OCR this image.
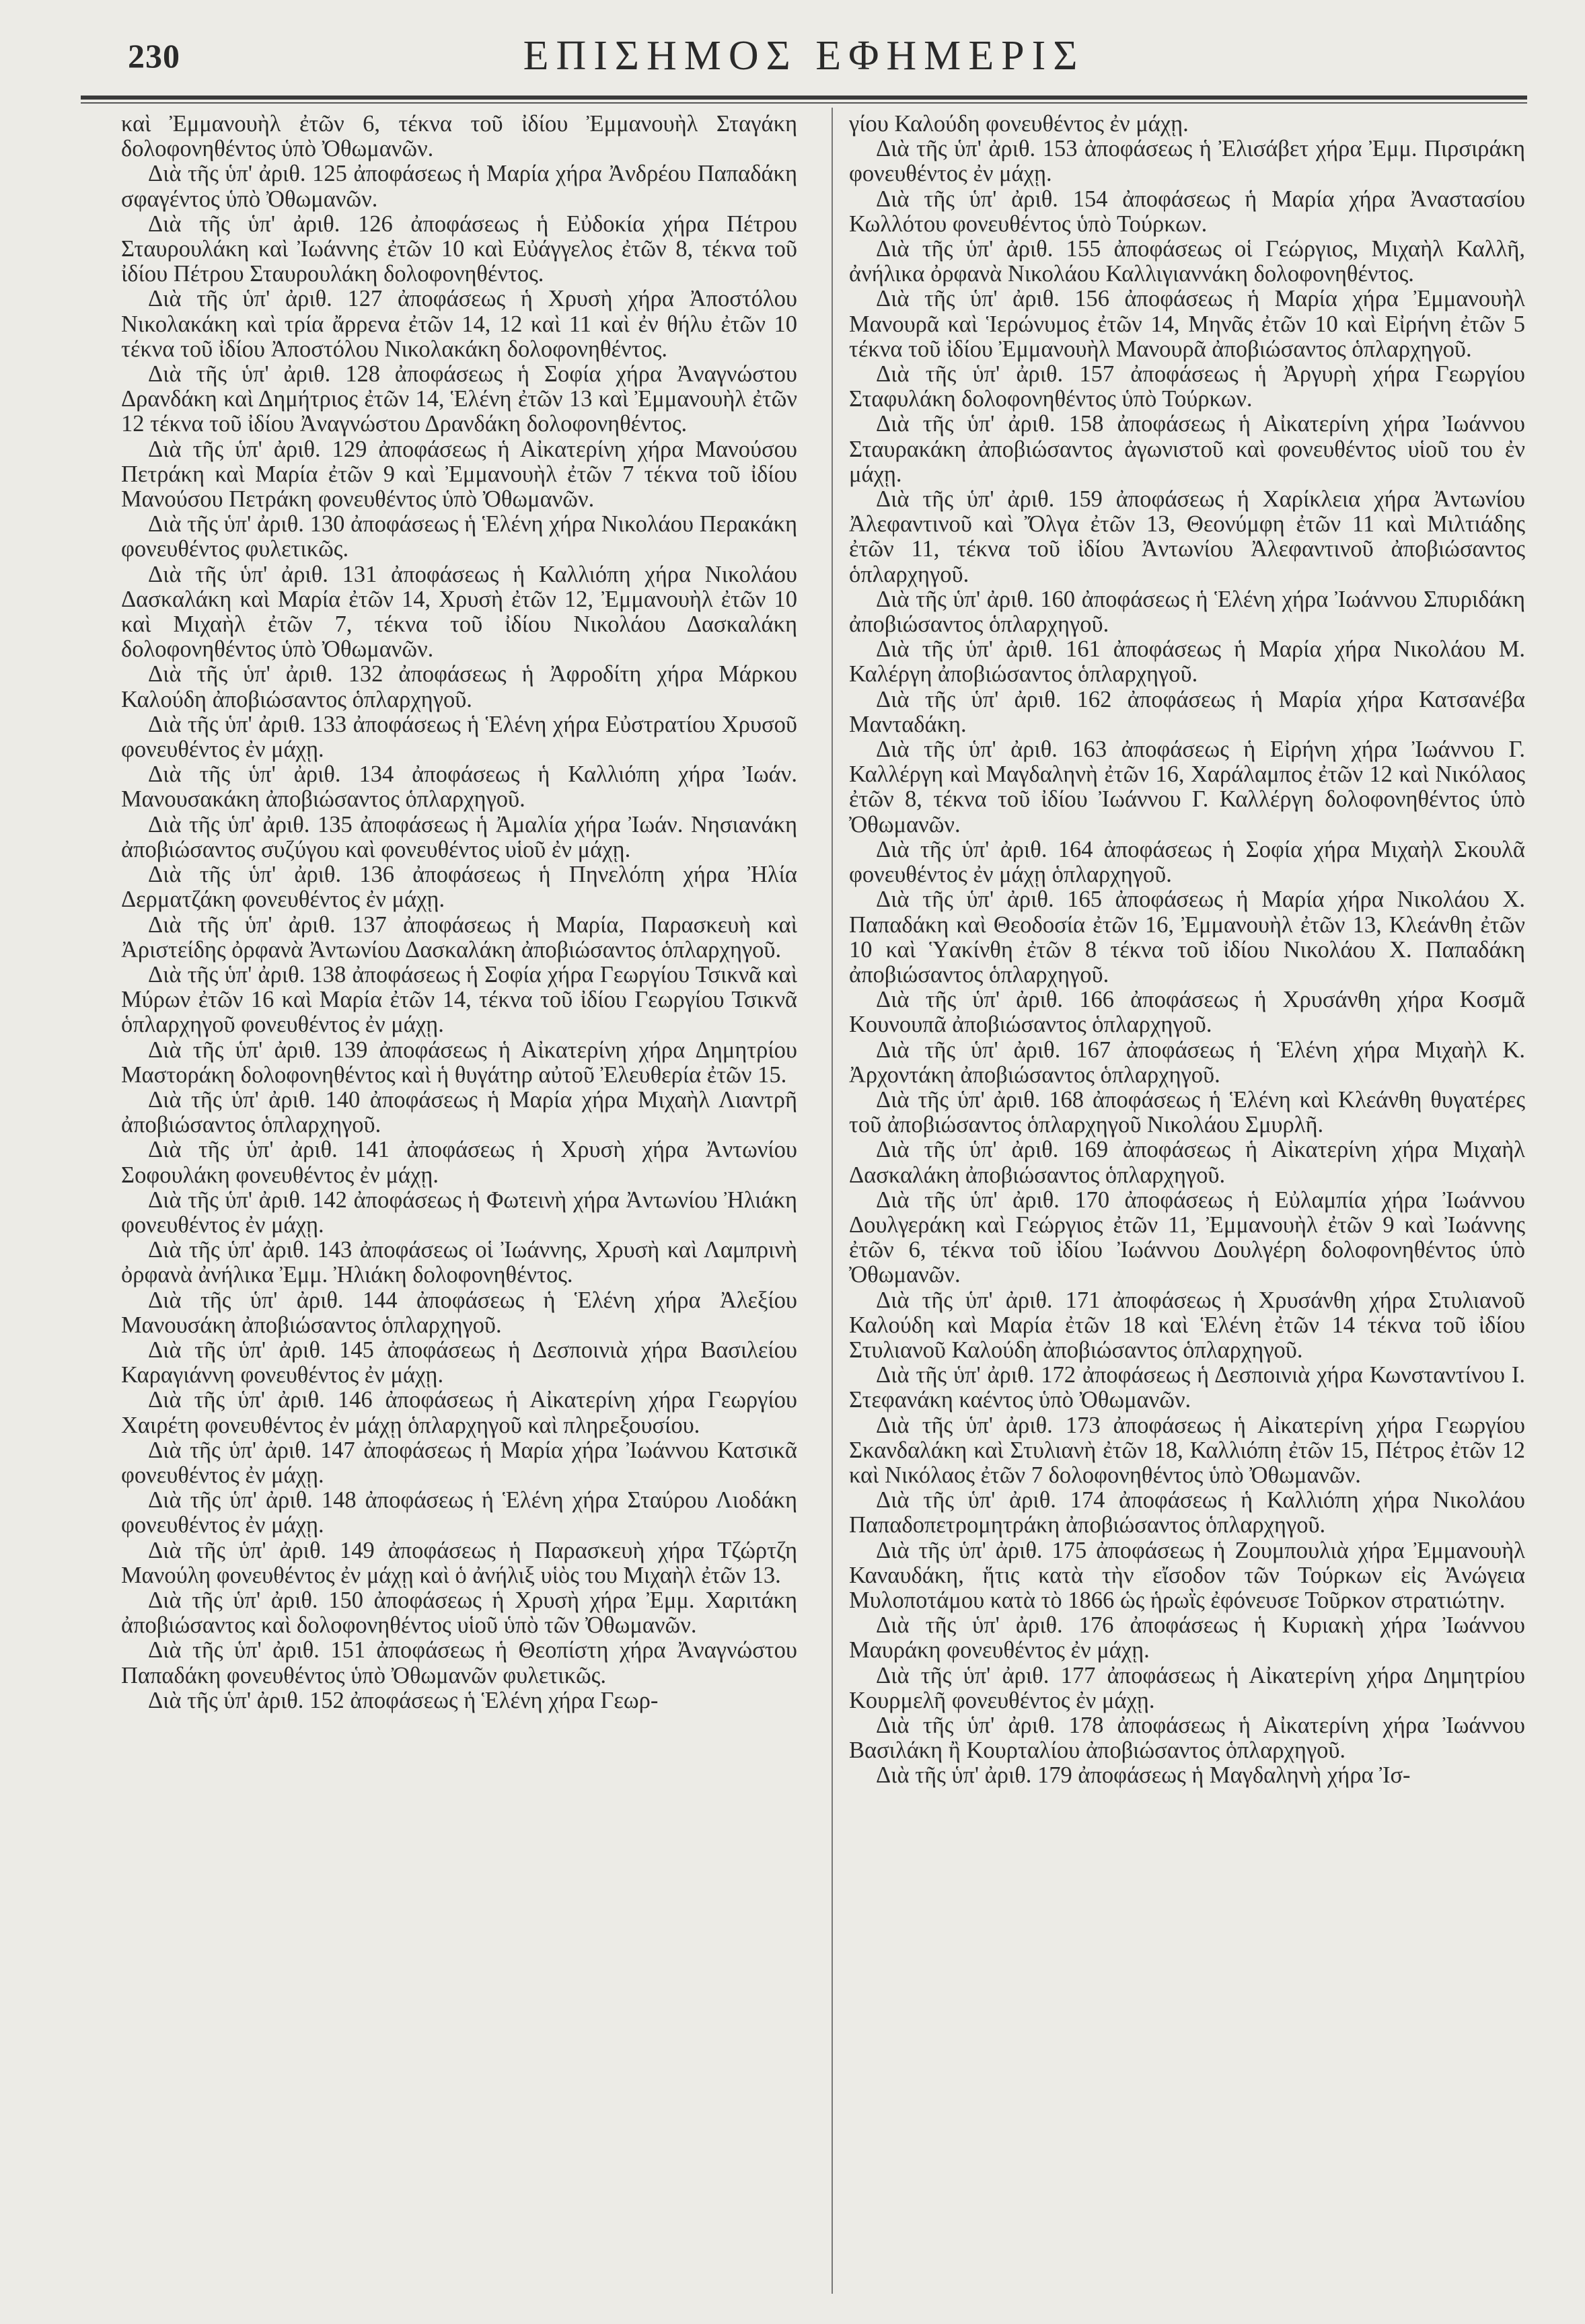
230	ΕΠΙΣΗΜΟΣ ΕΦΗΜΕΡΙΣ

καὶ Ἐμμανουὴλ ἐτῶν 6, τέκνα τοῦ ἰδίου Ἐμμανουὴλ Σταγάκη δολοφονηθέντος ὑπὸ Ὀθωμανῶν.

Διὰ τῆς ὑπ' ἀριθ. 125 ἀποφάσεως ἡ Μαρία χήρα Ἀνδρέου Παπαδάκη σφαγέντος ὑπὸ Ὀθωμανῶν.

Διὰ τῆς ὑπ' ἀριθ. 126 ἀποφάσεως ἡ Εὐδοκία χήρα Πέτρου Σταυρουλάκη καὶ Ἰωάννης ἐτῶν 10 καὶ Εὐάγγελος ἐτῶν 8, τέκνα τοῦ ἰδίου Πέτρου Σταυρουλάκη δολοφονηθέντος.

Διὰ τῆς ὑπ' ἀριθ. 127 ἀποφάσεως ἡ Χρυσὴ χήρα Ἀποστόλου Νικολακάκη καὶ τρία ἄρρενα ἐτῶν 14, 12 καὶ 11 καὶ ἐν θήλυ ἐτῶν 10 τέκνα τοῦ ἰδίου Ἀποστόλου Νικολακάκη δολοφονηθέντος.

Διὰ τῆς ὑπ' ἀριθ. 128 ἀποφάσεως ἡ Σοφία χήρα Ἀναγνώστου Δρανδάκη καὶ Δημήτριος ἐτῶν 14, Ἑλένη ἐτῶν 13 καὶ Ἐμμανουὴλ ἐτῶν 12 τέκνα τοῦ ἰδίου Ἀναγνώστου Δρανδάκη δολοφονηθέντος.

Διὰ τῆς ὑπ' ἀριθ. 129 ἀποφάσεως ἡ Αἰκατερίνη χήρα Μανούσου Πετράκη καὶ Μαρία ἐτῶν 9 καὶ Ἐμμανουὴλ ἐτῶν 7 τέκνα τοῦ ἰδίου Μανούσου Πετράκη φονευθέντος ὑπὸ Ὀθωμανῶν.

Διὰ τῆς ὑπ' ἀριθ. 130 ἀποφάσεως ἡ Ἑλένη χήρα Νικολάου Περακάκη φονευθέντος φυλετικῶς.

Διὰ τῆς ὑπ' ἀριθ. 131 ἀποφάσεως ἡ Καλλιόπη χήρα Νικολάου Δασκαλάκη καὶ Μαρία ἐτῶν 14, Χρυσὴ ἐτῶν 12, Ἐμμανουὴλ ἐτῶν 10 καὶ Μιχαὴλ ἐτῶν 7, τέκνα τοῦ ἰδίου Νικολάου Δασκαλάκη δολοφονηθέντος ὑπὸ Ὀθωμανῶν.

Διὰ τῆς ὑπ' ἀριθ. 132 ἀποφάσεως ἡ Ἀφροδίτη χήρα Μάρκου Καλούδη ἀποβιώσαντος ὁπλαρχηγοῦ.

Διὰ τῆς ὑπ' ἀριθ. 133 ἀποφάσεως ἡ Ἑλένη χήρα Εὐστρατίου Χρυσοῦ φονευθέντος ἐν μάχῃ.

Διὰ τῆς ὑπ' ἀριθ. 134 ἀποφάσεως ἡ Καλλιόπη χήρα Ἰωάν. Μανουσακάκη ἀποβιώσαντος ὁπλαρχηγοῦ.

Διὰ τῆς ὑπ' ἀριθ. 135 ἀποφάσεως ἡ Ἀμαλία χήρα Ἰωάν. Νησιανάκη ἀποβιώσαντος συζύγου καὶ φονευθέντος υἱοῦ ἐν μάχῃ.

Διὰ τῆς ὑπ' ἀριθ. 136 ἀποφάσεως ἡ Πηνελόπη χήρα Ἠλία Δερματζάκη φονευθέντος ἐν μάχῃ.

Διὰ τῆς ὑπ' ἀριθ. 137 ἀποφάσεως ἡ Μαρία, Παρασκευὴ καὶ Ἀριστείδης ὀρφανὰ Ἀντωνίου Δασκαλάκη ἀποβιώσαντος ὁπλαρχηγοῦ.

Διὰ τῆς ὑπ' ἀριθ. 138 ἀποφάσεως ἡ Σοφία χήρα Γεωργίου Τσικνᾶ καὶ Μύρων ἐτῶν 16 καὶ Μαρία ἐτῶν 14, τέκνα τοῦ ἰδίου Γεωργίου Τσικνᾶ ὁπλαρχηγοῦ φονευθέντος ἐν μάχῃ.

Διὰ τῆς ὑπ' ἀριθ. 139 ἀποφάσεως ἡ Αἰκατερίνη χήρα Δημητρίου Μαστοράκη δολοφονηθέντος καὶ ἡ θυγάτηρ αὐτοῦ Ἐλευθερία ἐτῶν 15.

Διὰ τῆς ὑπ' ἀριθ. 140 ἀποφάσεως ἡ Μαρία χήρα Μιχαὴλ Λιαντρῆ ἀποβιώσαντος ὁπλαρχηγοῦ.

Διὰ τῆς ὑπ' ἀριθ. 141 ἀποφάσεως ἡ Χρυσὴ χήρα Ἀντωνίου Σοφουλάκη φονευθέντος ἐν μάχῃ.

Διὰ τῆς ὑπ' ἀριθ. 142 ἀποφάσεως ἡ Φωτεινὴ χήρα Ἀντωνίου Ἠλιάκη φονευθέντος ἐν μάχῃ.

Διὰ τῆς ὑπ' ἀριθ. 143 ἀποφάσεως οἱ Ἰωάννης, Χρυσὴ καὶ Λαμπρινὴ ὀρφανὰ ἀνήλικα Ἐμμ. Ἠλιάκη δολοφονηθέντος.

Διὰ τῆς ὑπ' ἀριθ. 144 ἀποφάσεως ἡ Ἑλένη χήρα Ἀλεξίου Μανουσάκη ἀποβιώσαντος ὁπλαρχηγοῦ.

Διὰ τῆς ὑπ' ἀριθ. 145 ἀποφάσεως ἡ Δεσποινιὰ χήρα Βασιλείου Καραγιάννη φονευθέντος ἐν μάχῃ.

Διὰ τῆς ὑπ' ἀριθ. 146 ἀποφάσεως ἡ Αἰκατερίνη χήρα Γεωργίου Χαιρέτη φονευθέντος ἐν μάχῃ ὁπλαρχηγοῦ καὶ πληρεξουσίου.

Διὰ τῆς ὑπ' ἀριθ. 147 ἀποφάσεως ἡ Μαρία χήρα Ἰωάννου Κατσικᾶ φονευθέντος ἐν μάχῃ.

Διὰ τῆς ὑπ' ἀριθ. 148 ἀποφάσεως ἡ Ἑλένη χήρα Σταύρου Λιοδάκη φονευθέντος ἐν μάχῃ.

Διὰ τῆς ὑπ' ἀριθ. 149 ἀποφάσεως ἡ Παρασκευὴ χήρα Τζώρτζη Μανούλη φονευθέντος ἐν μάχῃ καὶ ὁ ἀνήλιξ υἱὸς του Μιχαὴλ ἐτῶν 13.

Διὰ τῆς ὑπ' ἀριθ. 150 ἀποφάσεως ἡ Χρυσὴ χήρα Ἐμμ. Χαριτάκη ἀποβιώσαντος καὶ δολοφονηθέντος υἱοῦ ὑπὸ τῶν Ὀθωμανῶν.

Διὰ τῆς ὑπ' ἀριθ. 151 ἀποφάσεως ἡ Θεοπίστη χήρα Ἀναγνώστου Παπαδάκη φονευθέντος ὑπὸ Ὀθωμανῶν φυλετικῶς.

Διὰ τῆς ὑπ' ἀριθ. 152 ἀποφάσεως ἡ Ἑλένη χήρα Γεωρ-

γίου Καλούδη φονευθέντος ἐν μάχῃ.

Διὰ τῆς ὑπ' ἀριθ. 153 ἀποφάσεως ἡ Ἐλισάβετ χήρα Ἐμμ. Πιρσιράκη φονευθέντος ἐν μάχῃ.

Διὰ τῆς ὑπ' ἀριθ. 154 ἀποφάσεως ἡ Μαρία χήρα Ἀναστασίου Κωλλότου φονευθέντος ὑπὸ Τούρκων.

Διὰ τῆς ὑπ' ἀριθ. 155 ἀποφάσεως οἱ Γεώργιος, Μιχαὴλ Καλλῆ, ἀνήλικα ὀρφανὰ Νικολάου Καλλιγιαννάκη δολοφονηθέντος.

Διὰ τῆς ὑπ' ἀριθ. 156 ἀποφάσεως ἡ Μαρία χήρα Ἐμμανουὴλ Μανουρᾶ καὶ Ἱερώνυμος ἐτῶν 14, Μηνᾶς ἐτῶν 10 καὶ Εἰρήνη ἐτῶν 5 τέκνα τοῦ ἰδίου Ἐμμανουὴλ Μανουρᾶ ἀποβιώσαντος ὁπλαρχηγοῦ.

Διὰ τῆς ὑπ' ἀριθ. 157 ἀποφάσεως ἡ Ἀργυρὴ χήρα Γεωργίου Σταφυλάκη δολοφονηθέντος ὑπὸ Τούρκων.

Διὰ τῆς ὑπ' ἀριθ. 158 ἀποφάσεως ἡ Αἰκατερίνη χήρα Ἰωάννου Σταυρακάκη ἀποβιώσαντος ἀγωνιστοῦ καὶ φονευθέντος υἱοῦ του ἐν μάχῃ.

Διὰ τῆς ὑπ' ἀριθ. 159 ἀποφάσεως ἡ Χαρίκλεια χήρα Ἀντωνίου Ἀλεφαντινοῦ καὶ Ὄλγα ἐτῶν 13, Θεονύμφη ἐτῶν 11 καὶ Μιλτιάδης ἐτῶν 11, τέκνα τοῦ ἰδίου Ἀντωνίου Ἀλεφαντινοῦ ἀποβιώσαντος ὁπλαρχηγοῦ.

Διὰ τῆς ὑπ' ἀριθ. 160 ἀποφάσεως ἡ Ἑλένη χήρα Ἰωάννου Σπυριδάκη ἀποβιώσαντος ὁπλαρχηγοῦ.

Διὰ τῆς ὑπ' ἀριθ. 161 ἀποφάσεως ἡ Μαρία χήρα Νικολάου Μ. Καλέργη ἀποβιώσαντος ὁπλαρχηγοῦ.

Διὰ τῆς ὑπ' ἀριθ. 162 ἀποφάσεως ἡ Μαρία χήρα Κατσανέβα Μανταδάκη.

Διὰ τῆς ὑπ' ἀριθ. 163 ἀποφάσεως ἡ Εἰρήνη χήρα Ἰωάννου Γ. Καλλέργη καὶ Μαγδαληνὴ ἐτῶν 16, Χαράλαμπος ἐτῶν 12 καὶ Νικόλαος ἐτῶν 8, τέκνα τοῦ ἰδίου Ἰωάννου Γ. Καλλέργη δολοφονηθέντος ὑπὸ Ὀθωμανῶν.

Διὰ τῆς ὑπ' ἀριθ. 164 ἀποφάσεως ἡ Σοφία χήρα Μιχαὴλ Σκουλᾶ φονευθέντος ἐν μάχῃ ὁπλαρχηγοῦ.

Διὰ τῆς ὑπ' ἀριθ. 165 ἀποφάσεως ἡ Μαρία χήρα Νικολάου Χ. Παπαδάκη καὶ Θεοδοσία ἐτῶν 16, Ἐμμανουὴλ ἐτῶν 13, Κλεάνθη ἐτῶν 10 καὶ Ὑακίνθη ἐτῶν 8 τέκνα τοῦ ἰδίου Νικολάου Χ. Παπαδάκη ἀποβιώσαντος ὁπλαρχηγοῦ.

Διὰ τῆς ὑπ' ἀριθ. 166 ἀποφάσεως ἡ Χρυσάνθη χήρα Κοσμᾶ Κουνουπᾶ ἀποβιώσαντος ὁπλαρχηγοῦ.

Διὰ τῆς ὑπ' ἀριθ. 167 ἀποφάσεως ἡ Ἑλένη χήρα Μιχαὴλ Κ. Ἀρχοντάκη ἀποβιώσαντος ὁπλαρχηγοῦ.

Διὰ τῆς ὑπ' ἀριθ. 168 ἀποφάσεως ἡ Ἑλένη καὶ Κλεάνθη θυγατέρες τοῦ ἀποβιώσαντος ὁπλαρχηγοῦ Νικολάου Σμυρλῆ.

Διὰ τῆς ὑπ' ἀριθ. 169 ἀποφάσεως ἡ Αἰκατερίνη χήρα Μιχαὴλ Δασκαλάκη ἀποβιώσαντος ὁπλαρχηγοῦ.

Διὰ τῆς ὑπ' ἀριθ. 170 ἀποφάσεως ἡ Εὐλαμπία χήρα Ἰωάννου Δουλγεράκη καὶ Γεώργιος ἐτῶν 11, Ἐμμανουὴλ ἐτῶν 9 καὶ Ἰωάννης ἐτῶν 6, τέκνα τοῦ ἰδίου Ἰωάννου Δουλγέρη δολοφονηθέντος ὑπὸ Ὀθωμανῶν.

Διὰ τῆς ὑπ' ἀριθ. 171 ἀποφάσεως ἡ Χρυσάνθη χήρα Στυλιανοῦ Καλούδη καὶ Μαρία ἐτῶν 18 καὶ Ἑλένη ἐτῶν 14 τέκνα τοῦ ἰδίου Στυλιανοῦ Καλούδη ἀποβιώσαντος ὁπλαρχηγοῦ.

Διὰ τῆς ὑπ' ἀριθ. 172 ἀποφάσεως ἡ Δεσποινιὰ χήρα Κωνσταντίνου Ι. Στεφανάκη καέντος ὑπὸ Ὀθωμανῶν.

Διὰ τῆς ὑπ' ἀριθ. 173 ἀποφάσεως ἡ Αἰκατερίνη χήρα Γεωργίου Σκανδαλάκη καὶ Στυλιανὴ ἐτῶν 18, Καλλιόπη ἐτῶν 15, Πέτρος ἐτῶν 12 καὶ Νικόλαος ἐτῶν 7 δολοφονηθέντος ὑπὸ Ὀθωμανῶν.

Διὰ τῆς ὑπ' ἀριθ. 174 ἀποφάσεως ἡ Καλλιόπη χήρα Νικολάου Παπαδοπετρομητράκη ἀποβιώσαντος ὁπλαρχηγοῦ.

Διὰ τῆς ὑπ' ἀριθ. 175 ἀποφάσεως ἡ Ζουμπουλιὰ χήρα Ἐμμανουὴλ Καναυδάκη, ἥτις κατὰ τὴν εἴσοδον τῶν Τούρκων εἰς Ἀνώγεια Μυλοποτάμου κατὰ τὸ 1866 ὡς ἡρωῒς ἐφόνευσε Τοῦρκον στρατιώτην.

Διὰ τῆς ὑπ' ἀριθ. 176 ἀποφάσεως ἡ Κυριακὴ χήρα Ἰωάννου Μαυράκη φονευθέντος ἐν μάχῃ.

Διὰ τῆς ὑπ' ἀριθ. 177 ἀποφάσεως ἡ Αἰκατερίνη χήρα Δημητρίου Κουρμελῆ φονευθέντος ἐν μάχῃ.

Διὰ τῆς ὑπ' ἀριθ. 178 ἀποφάσεως ἡ Αἰκατερίνη χήρα Ἰωάννου Βασιλάκη ἢ Κουρταλίου ἀποβιώσαντος ὁπλαρχηγοῦ.

Διὰ τῆς ὑπ' ἀριθ. 179 ἀποφάσεως ἡ Μαγδαληνὴ χήρα Ἰσ-
